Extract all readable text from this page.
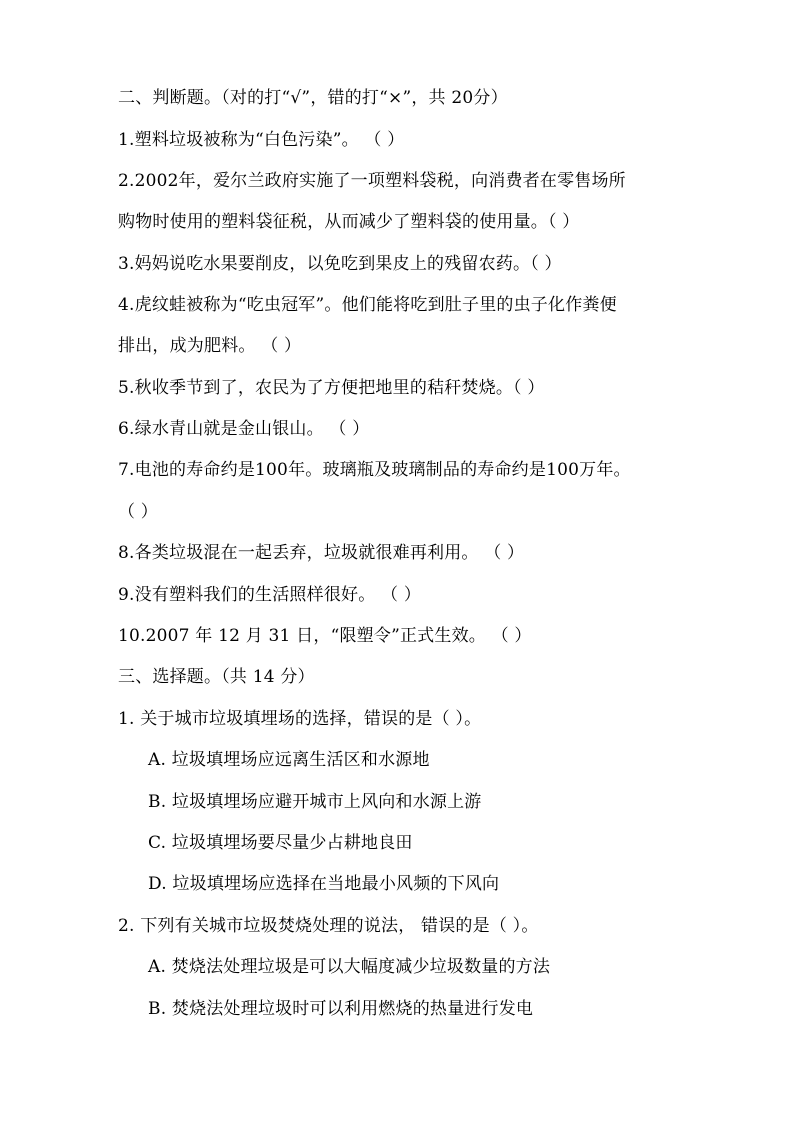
二、判断题。（对的打“√”，错的打“×”，共 20分）
1.塑料垃圾被称为“白色污染”。 （ ）
2.2002年，爱尔兰政府实施了一项塑料袋税，向消费者在零售场所
购物时使用的塑料袋征税，从而减少了塑料袋的使用量。（ ）
3.妈妈说吃水果要削皮，以免吃到果皮上的残留农药。（ ）
4.虎纹蛙被称为“吃虫冠军”。他们能将吃到肚子里的虫子化作粪便
排出，成为肥料。 （ ）
5.秋收季节到了，农民为了方便把地里的秸秆焚烧。（ ）
6.绿水青山就是金山银山。 （ ）
7.电池的寿命约是100年。玻璃瓶及玻璃制品的寿命约是100万年。
（ ）
8.各类垃圾混在一起丢弃，垃圾就很难再利用。 （ ）
9.没有塑料我们的生活照样很好。 （ ）
10.2007 年 12 月 31 日，“限塑令”正式生效。 （ ）
三、选择题。（共 14 分）
1. 关于城市垃圾填埋场的选择，错误的是（ ）。
A. 垃圾填埋场应远离生活区和水源地
B. 垃圾填埋场应避开城市上风向和水源上游
C. 垃圾填埋场要尽量少占耕地良田
D. 垃圾填埋场应选择在当地最小风频的下风向
2. 下列有关城市垃圾焚烧处理的说法， 错误的是（ ）。
A. 焚烧法处理垃圾是可以大幅度减少垃圾数量的方法
B. 焚烧法处理垃圾时可以利用燃烧的热量进行发电
